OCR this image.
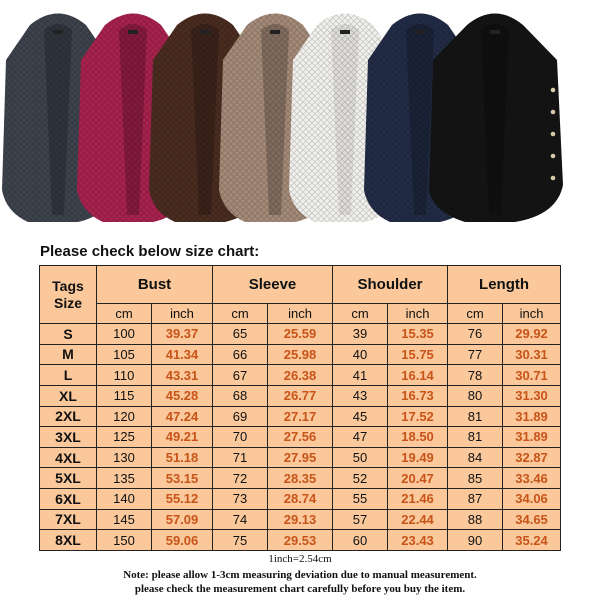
Please check below size chart:
Tags
Size	Bust		Sleeve		Shoulder		Length	
	cm	inch	cm	inch	cm	inch	cm	inch
S	100	39.37	65	25.59	39	15.35	76	29.92
M	105	41.34	66	25.98	40	15.75	77	30.31
L	110	43.31	67	26.38	41	16.14	78	30.71
XL	115	45.28	68	26.77	43	16.73	80	31.30
2XL	120	47.24	69	27.17	45	17.52	81	31.89
3XL	125	49.21	70	27.56	47	18.50	81	31.89
4XL	130	51.18	71	27.95	50	19.49	84	32.87
5XL	135	53.15	72	28.35	52	20.47	85	33.46
6XL	140	55.12	73	28.74	55	21.46	87	34.06
7XL	145	57.09	74	29.13	57	22.44	88	34.65
8XL	150	59.06	75	29.53	60	23.43	90	35.24
1inch=2.54cm
Note: please allow 1-3cm measuring deviation due to manual measurement.
please check the measurement chart carefully before you buy the item.
